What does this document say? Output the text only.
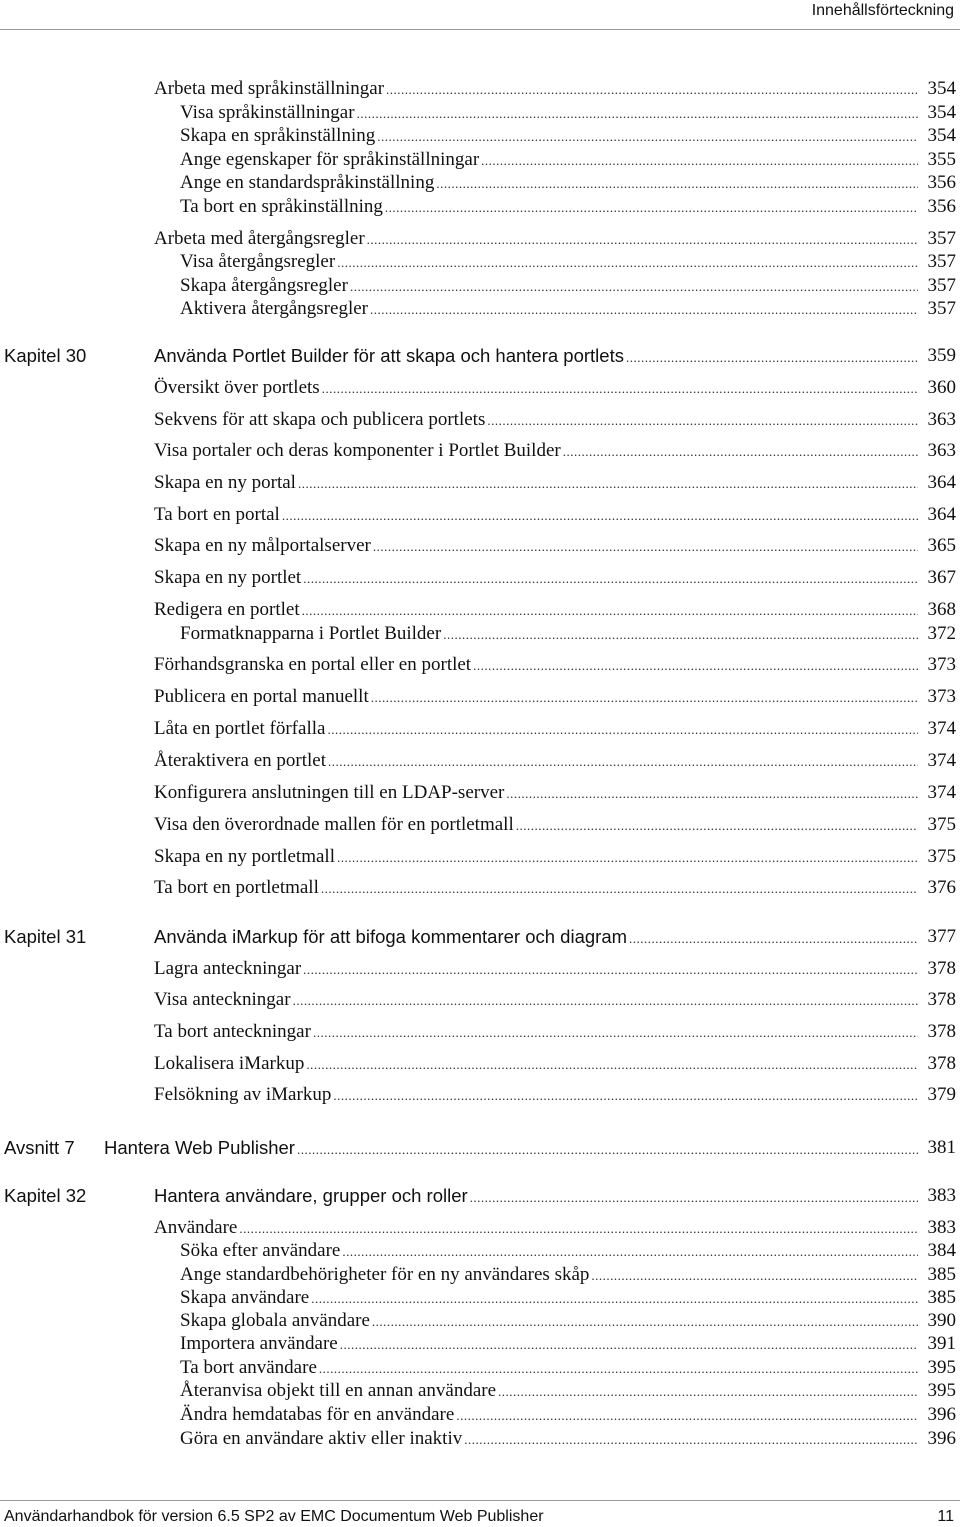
Innehållsförteckning
Arbeta med språkinställningar .....	354
Visa språkinställningar .....	354
Skapa en språkinställning .....	354
Ange egenskaper för språkinställningar .....	355
Ange en standardspråkinställning .....	356
Ta bort en språkinställning .....	356
Arbeta med återgångsregler .....	357
Visa återgångsregler .....	357
Skapa återgångsregler .....	357
Aktivera återgångsregler .....	357
Kapitel 30	Använda Portlet Builder för att skapa och hantera portlets .....	359
Översikt över portlets .....	360
Sekvens för att skapa och publicera portlets .....	363
Visa portaler och deras komponenter i Portlet Builder .....	363
Skapa en ny portal .....	364
Ta bort en portal .....	364
Skapa en ny målportalserver .....	365
Skapa en ny portlet .....	367
Redigera en portlet .....	368
Formatknapparna i Portlet Builder .....	372
Förhandsgranska en portal eller en portlet .....	373
Publicera en portal manuellt .....	373
Låta en portlet förfalla .....	374
Återaktivera en portlet .....	374
Konfigurera anslutningen till en LDAP-server .....	374
Visa den överordnade mallen för en portletmall .....	375
Skapa en ny portletmall .....	375
Ta bort en portletmall .....	376
Kapitel 31	Använda iMarkup för att bifoga kommentarer och diagram .....	377
Lagra anteckningar .....	378
Visa anteckningar .....	378
Ta bort anteckningar .....	378
Lokalisera iMarkup .....	378
Felsökning av iMarkup .....	379
Avsnitt 7 Hantera Web Publisher .....	381
Kapitel 32	Hantera användare, grupper och roller .....	383
Användare .....	383
Söka efter användare .....	384
Ange standardbehörigheter för en ny användares skåp .....	385
Skapa användare .....	385
Skapa globala användare .....	390
Importera användare .....	391
Ta bort användare .....	395
Återanvisa objekt till en annan användare .....	395
Ändra hemdatabas för en användare .....	396
Göra en användare aktiv eller inaktiv .....	396
Användarhandbok för version 6.5 SP2 av EMC Documentum Web Publisher	11
